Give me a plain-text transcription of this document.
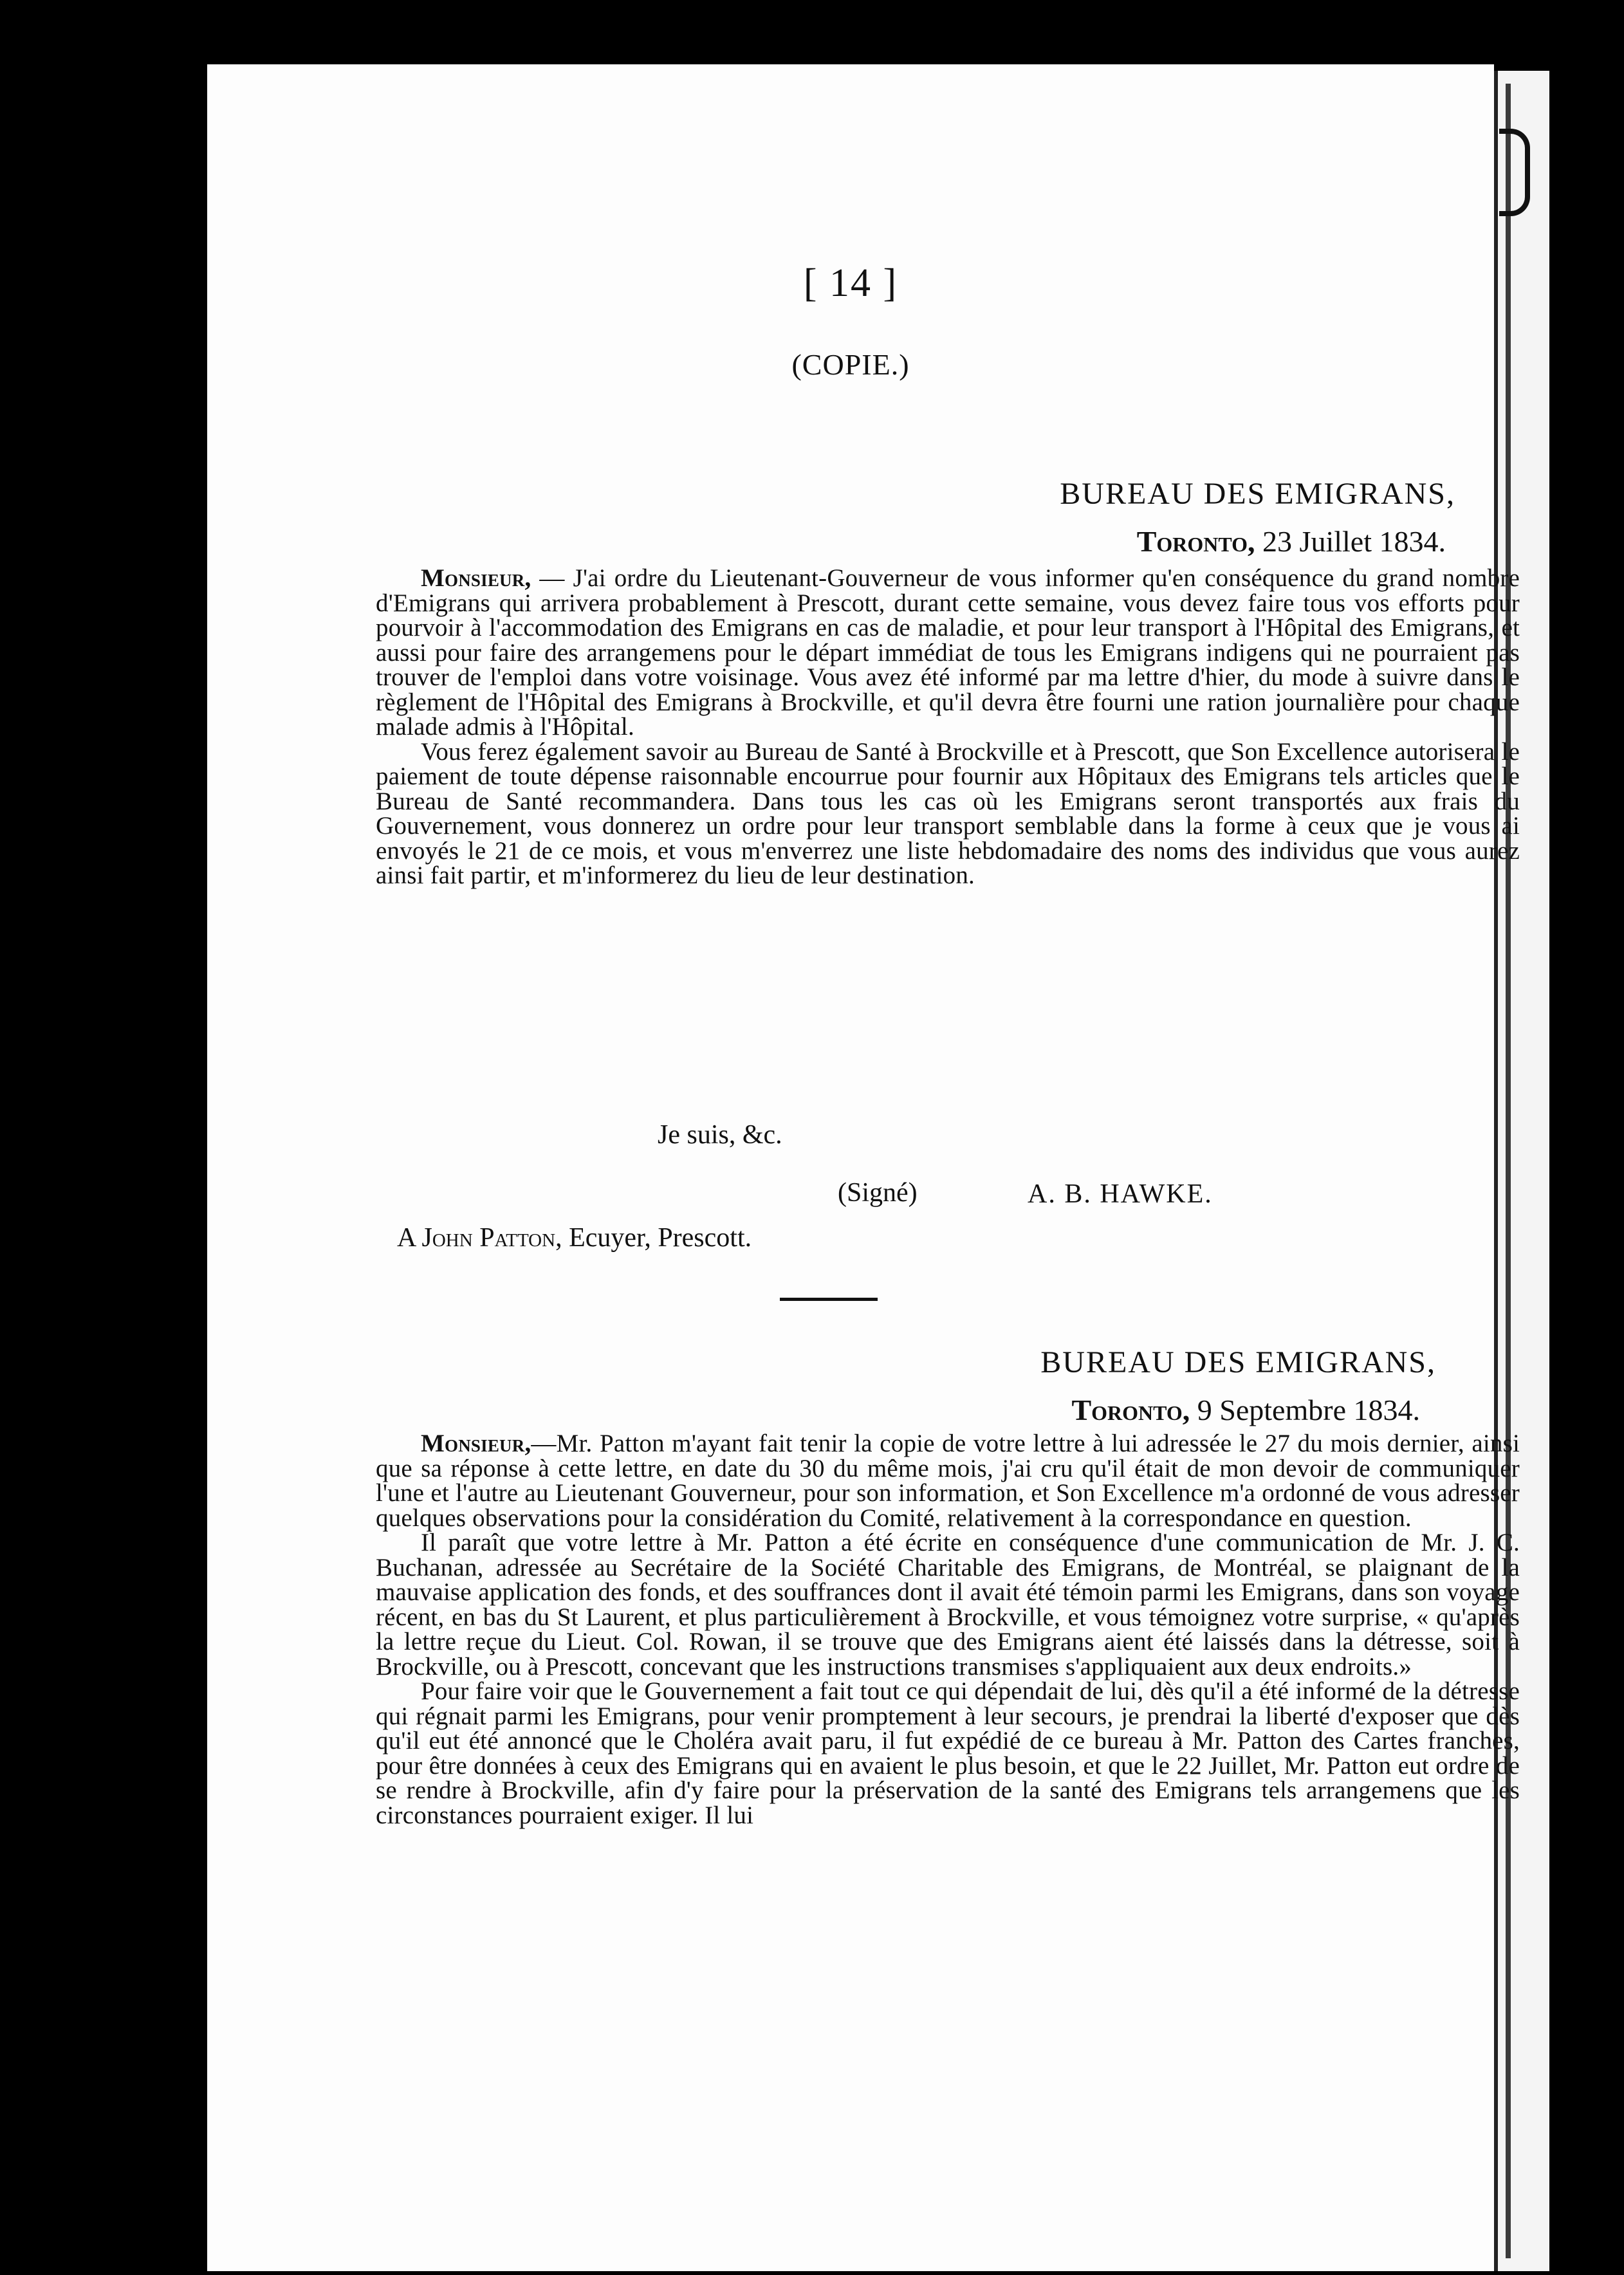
[ 14 ]
(COPIE.)
BUREAU DES EMIGRANS,
Toronto, 23 Juillet 1834.

Monsieur, — J'ai ordre du Lieutenant-Gouverneur de vous informer qu'en conséquence du grand nombre d'Emigrans qui arrivera probablement à Prescott, durant cette semaine, vous devez faire tous vos efforts pour pourvoir à l'accommodation des Emigrans en cas de maladie, et pour leur transport à l'Hôpital des Emigrans, et aussi pour faire des arrangemens pour le départ immédiat de tous les Emigrans indigens qui ne pourraient pas trouver de l'emploi dans votre voisinage. Vous avez été informé par ma lettre d'hier, du mode à suivre dans le règlement de l'Hôpital des Emigrans à Brockville, et qu'il devra être fourni une ration journalière pour chaque malade admis à l'Hôpital.

Vous ferez également savoir au Bureau de Santé à Brockville et à Prescott, que Son Excellence autorisera le paiement de toute dépense raisonnable encourrue pour fournir aux Hôpitaux des Emigrans tels articles que le Bureau de Santé recommandera. Dans tous les cas où les Emigrans seront transportés aux frais du Gouvernement, vous donnerez un ordre pour leur transport semblable dans la forme à ceux que je vous ai envoyés le 21 de ce mois, et vous m'enverrez une liste hebdomadaire des noms des individus que vous aurez ainsi fait partir, et m'informerez du lieu de leur destination.

Je suis, &c.
(Signé)	A. B. HAWKE.
A John Patton, Ecuyer, Prescott.
BUREAU DES EMIGRANS,
Toronto, 9 Septembre 1834.

Monsieur,—Mr. Patton m'ayant fait tenir la copie de votre lettre à lui adressée le 27 du mois dernier, ainsi que sa réponse à cette lettre, en date du 30 du même mois, j'ai cru qu'il était de mon devoir de communiquer l'une et l'autre au Lieutenant Gouverneur, pour son information, et Son Excellence m'a ordonné de vous adresser quelques observations pour la considération du Comité, relativement à la correspondance en question.

Il paraît que votre lettre à Mr. Patton a été écrite en conséquence d'une communication de Mr. J. C. Buchanan, adressée au Secrétaire de la Société Charitable des Emigrans, de Montréal, se plaignant de la mauvaise application des fonds, et des souffrances dont il avait été témoin parmi les Emigrans, dans son voyage récent, en bas du St Laurent, et plus particulièrement à Brockville, et vous témoignez votre surprise, « qu'après la lettre reçue du Lieut. Col. Rowan, il se trouve que des Emigrans aient été laissés dans la détresse, soit à Brockville, ou à Prescott, concevant que les instructions transmises s'appliquaient aux deux endroits.»

Pour faire voir que le Gouvernement a fait tout ce qui dépendait de lui, dès qu'il a été informé de la détresse qui régnait parmi les Emigrans, pour venir promptement à leur secours, je prendrai la liberté d'exposer que dès qu'il eut été annoncé que le Choléra avait paru, il fut expédié de ce bureau à Mr. Patton des Cartes franches, pour être données à ceux des Emigrans qui en avaient le plus besoin, et que le 22 Juillet, Mr. Patton eut ordre de se rendre à Brockville, afin d'y faire pour la préservation de la santé des Emigrans tels arrangemens que les circonstances pourraient exiger. Il lui
